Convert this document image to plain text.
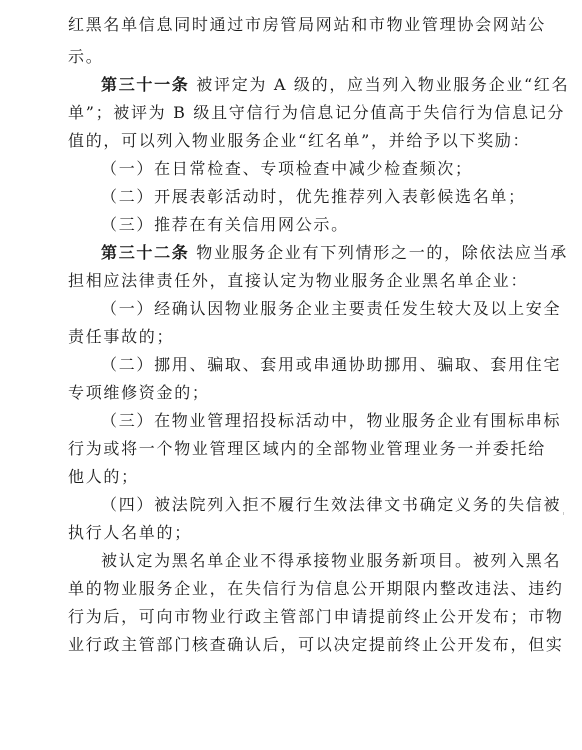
红黑名单信息同时通过市房管局网站和市物业管理协会网站公
示。
第三十一条 被评定为 A 级的，应当列入物业服务企业“红名
单”；被评为 B 级且守信行为信息记分值高于失信行为信息记分
值的，可以列入物业服务企业“红名单”，并给予以下奖励：
（一）在日常检查、专项检查中减少检查频次；
（二）开展表彰活动时，优先推荐列入表彰候选名单；
（三）推荐在有关信用网公示。
第三十二条 物业服务企业有下列情形之一的，除依法应当承
担相应法律责任外，直接认定为物业服务企业黑名单企业：
（一）经确认因物业服务企业主要责任发生较大及以上安全
责任事故的；
（二）挪用、骗取、套用或串通协助挪用、骗取、套用住宅
专项维修资金的；
（三）在物业管理招投标活动中，物业服务企业有围标串标
行为或将一个物业管理区域内的全部物业管理业务一并委托给
他人的；
（四）被法院列入拒不履行生效法律文书确定义务的失信被
执行人名单的；
被认定为黑名单企业不得承接物业服务新项目。被列入黑名
单的物业服务企业，在失信行为信息公开期限内整改违法、违约
行为后，可向市物业行政主管部门申请提前终止公开发布；市物
业行政主管部门核查确认后，可以决定提前终止公开发布，但实
